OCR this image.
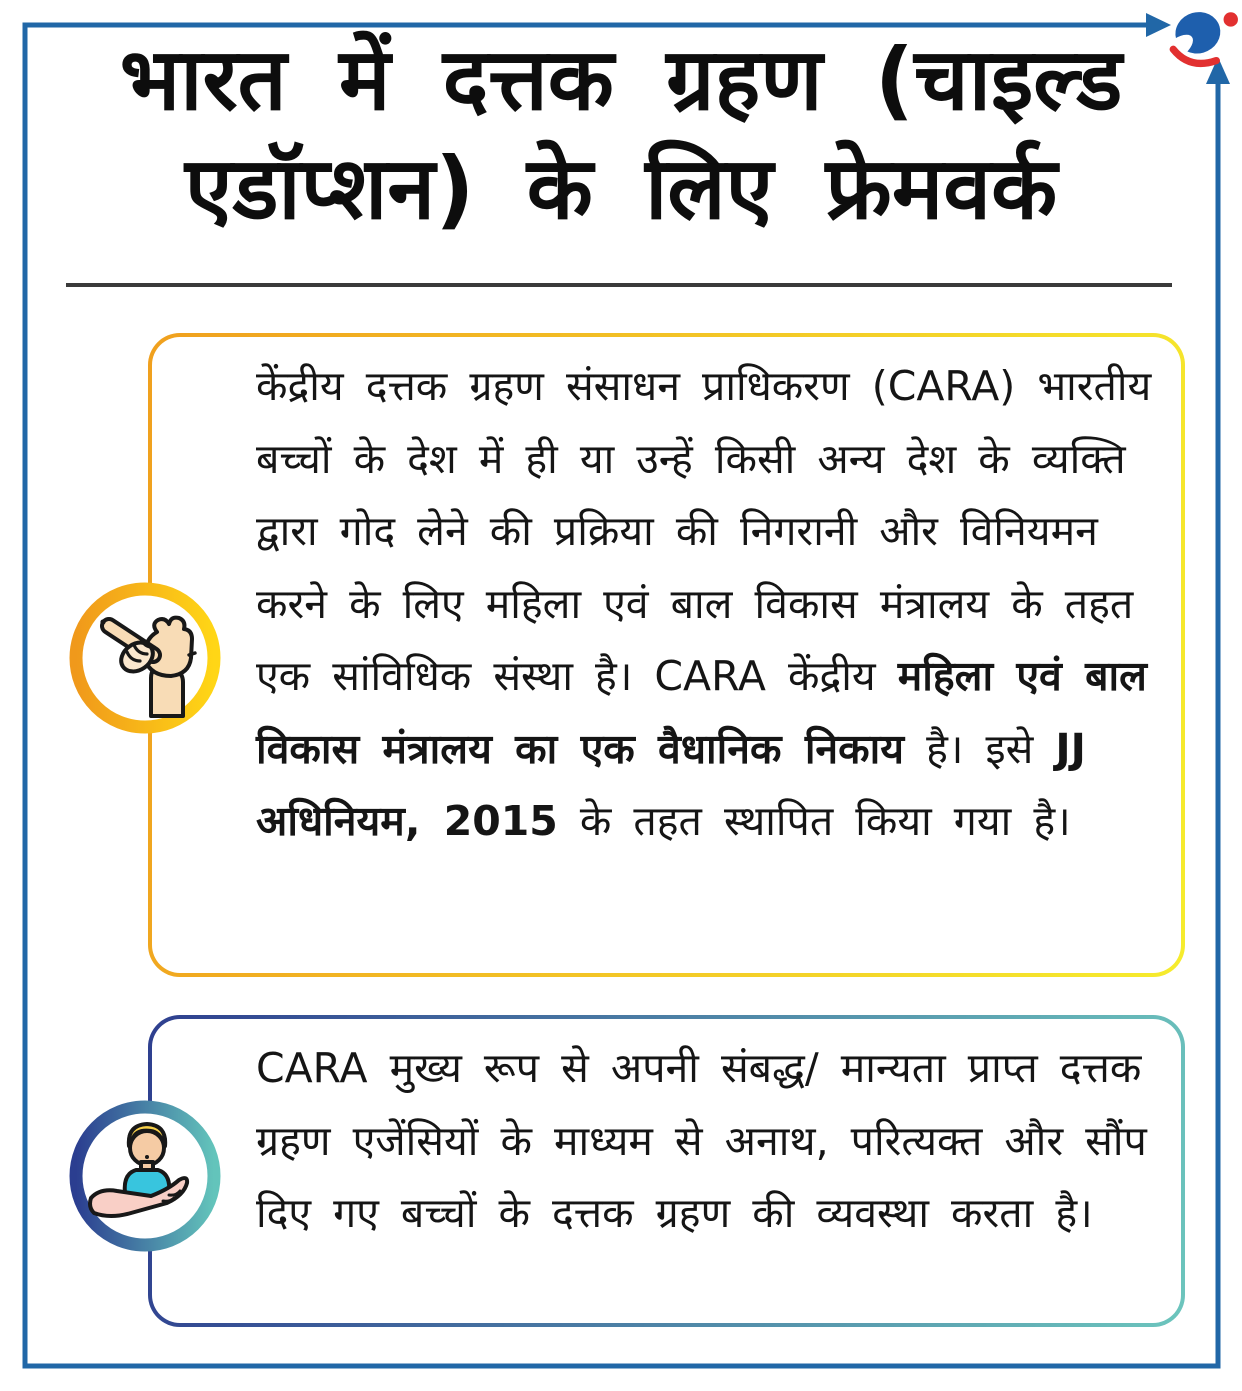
भारत में दत्तक ग्रहण (चाइल्ड एडॉप्शन) के लिए फ्रेमवर्क

केंद्रीय दत्तक ग्रहण संसाधन प्राधिकरण (CARA) भारतीय बच्चों के देश में ही या उन्हें किसी अन्य देश के व्यक्ति द्वारा गोद लेने की प्रक्रिया की निगरानी और विनियमन करने के लिए महिला एवं बाल विकास मंत्रालय के तहत एक सांविधिक संस्था है। CARA केंद्रीय महिला एवं बाल विकास मंत्रालय का एक वैधानिक निकाय है। इसे JJ अधिनियम, 2015 के तहत स्थापित किया गया है।

CARA मुख्य रूप से अपनी संबद्ध/ मान्यता प्राप्त दत्तक ग्रहण एजेंसियों के माध्यम से अनाथ, परित्यक्त और सौंप दिए गए बच्चों के दत्तक ग्रहण की व्यवस्था करता है।
